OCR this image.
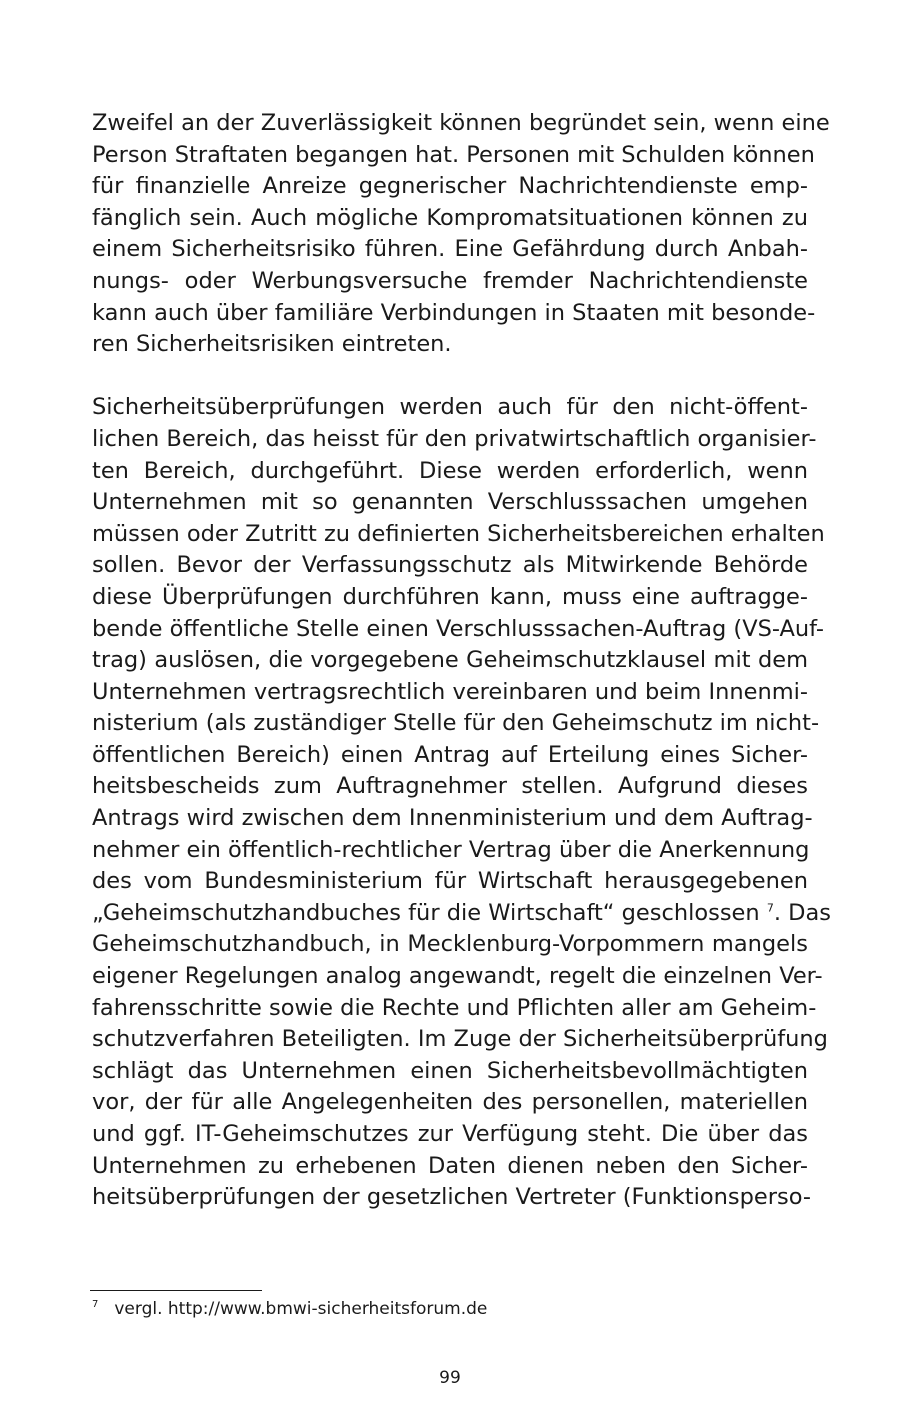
Zweifel an der Zuverlässigkeit können begründet sein, wenn eine
Person Straftaten begangen hat. Personen mit Schulden können
für finanzielle Anreize gegnerischer Nachrichtendienste emp-
fänglich sein. Auch mögliche Kompromatsituationen können zu
einem Sicherheitsrisiko führen. Eine Gefährdung durch Anbah-
nungs- oder Werbungsversuche fremder Nachrichtendienste
kann auch über familiäre Verbindungen in Staaten mit besonde-
ren Sicherheitsrisiken eintreten.

Sicherheitsüberprüfungen werden auch für den nicht-öffent-
lichen Bereich, das heisst für den privatwirtschaftlich organisier-
ten Bereich, durchgeführt. Diese werden erforderlich, wenn
Unternehmen mit so genannten Verschlusssachen umgehen
müssen oder Zutritt zu definierten Sicherheitsbereichen erhalten
sollen. Bevor der Verfassungsschutz als Mitwirkende Behörde
diese Überprüfungen durchführen kann, muss eine auftragge-
bende öffentliche Stelle einen Verschlusssachen-Auftrag (VS-Auf-
trag) auslösen, die vorgegebene Geheimschutzklausel mit dem
Unternehmen vertragsrechtlich vereinbaren und beim Innenmi-
nisterium (als zuständiger Stelle für den Geheimschutz im nicht-
öffentlichen Bereich) einen Antrag auf Erteilung eines Sicher-
heitsbescheids zum Auftragnehmer stellen. Aufgrund dieses
Antrags wird zwischen dem Innenministerium und dem Auftrag-
nehmer ein öffentlich-rechtlicher Vertrag über die Anerkennung
des vom Bundesministerium für Wirtschaft herausgegebenen
„Geheimschutzhandbuches für die Wirtschaft“ geschlossen $^7$. Das
Geheimschutzhandbuch, in Mecklenburg-Vorpommern mangels
eigener Regelungen analog angewandt, regelt die einzelnen Ver-
fahrensschritte sowie die Rechte und Pflichten aller am Geheim-
schutzverfahren Beteiligten. Im Zuge der Sicherheitsüberprüfung
schlägt das Unternehmen einen Sicherheitsbevollmächtigten
vor, der für alle Angelegenheiten des personellen, materiellen
und ggf. IT-Geheimschutzes zur Verfügung steht. Die über das
Unternehmen zu erhebenen Daten dienen neben den Sicher-
heitsüberprüfungen der gesetzlichen Vertreter (Funktionsperso-

$^7$ vergl. http://www.bmwi-sicherheitsforum.de
99
